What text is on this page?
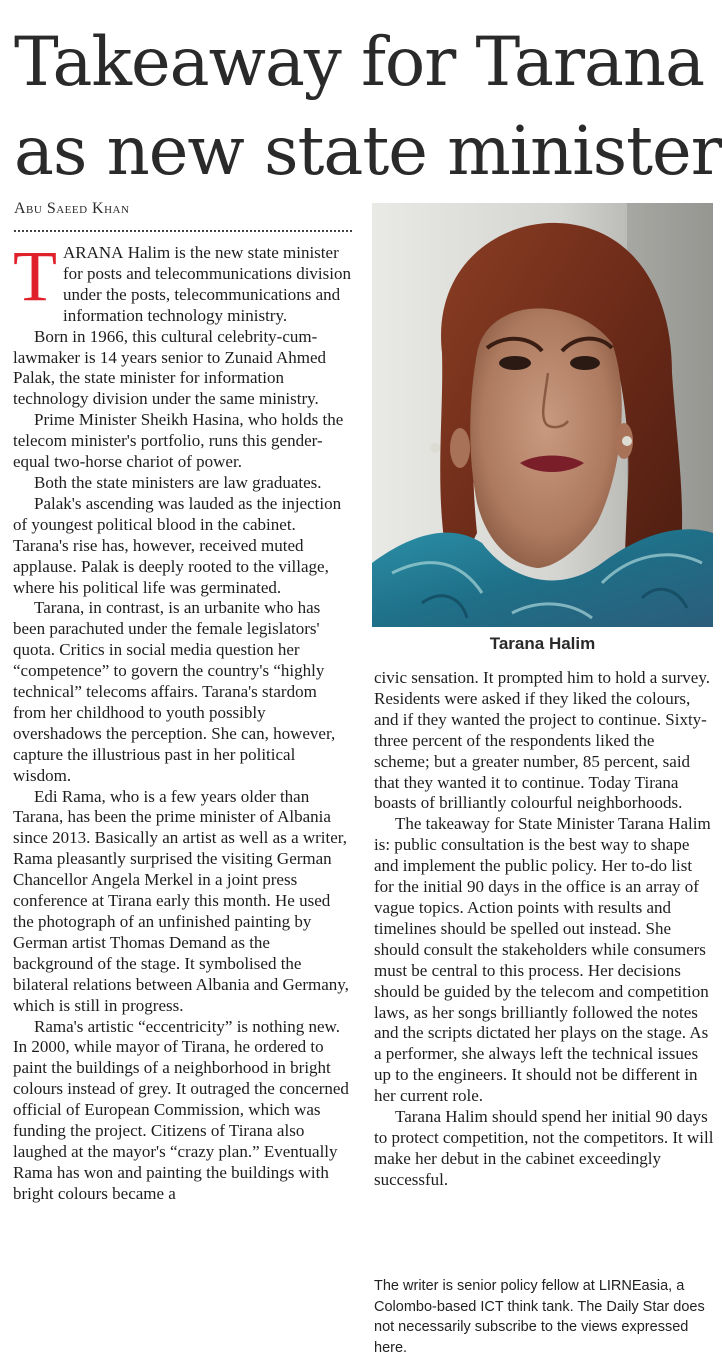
Takeaway for Tarana
as new state minister
Abu Saeed Khan

TARANA Halim is the new state minister for posts and telecommunications division under the posts, telecommunications and information technology ministry.

Born in 1966, this cultural celebrity-cum-lawmaker is 14 years senior to Zunaid Ahmed Palak, the state minister for information technology division under the same ministry.

Prime Minister Sheikh Hasina, who holds the telecom minister's portfolio, runs this gender-equal two-horse chariot of power.

Both the state ministers are law graduates.

Palak's ascending was lauded as the injection of youngest political blood in the cabinet. Tarana's rise has, however, received muted applause. Palak is deeply rooted to the village, where his political life was germinated.

Tarana, in contrast, is an urbanite who has been parachuted under the female legislators' quota. Critics in social media question her “competence” to govern the country's “highly technical” telecoms affairs. Tarana's stardom from her childhood to youth possibly overshadows the perception. She can, however, capture the illustrious past in her political wisdom.

Edi Rama, who is a few years older than Tarana, has been the prime minister of Albania since 2013. Basically an artist as well as a writer, Rama pleasantly surprised the visiting German Chancellor Angela Merkel in a joint press conference at Tirana early this month. He used the photograph of an unfinished painting by German artist Thomas Demand as the background of the stage. It symbolised the bilateral relations between Albania and Germany, which is still in progress.

Rama's artistic “eccentricity” is nothing new. In 2000, while mayor of Tirana, he ordered to paint the buildings of a neighborhood in bright colours instead of grey. It outraged the concerned official of European Commission, which was funding the project. Citizens of Tirana also laughed at the mayor's “crazy plan.” Eventually Rama has won and painting the buildings with bright colours became a

Tarana Halim

civic sensation. It prompted him to hold a survey. Residents were asked if they liked the colours, and if they wanted the project to continue. Sixty-three percent of the respondents liked the scheme; but a greater number, 85 percent, said that they wanted it to continue. Today Tirana boasts of brilliantly colourful neighborhoods.

The takeaway for State Minister Tarana Halim is: public consultation is the best way to shape and implement the public policy. Her to-do list for the initial 90 days in the office is an array of vague topics. Action points with results and timelines should be spelled out instead. She should consult the stakeholders while consumers must be central to this process. Her decisions should be guided by the telecom and competition laws, as her songs brilliantly followed the notes and the scripts dictated her plays on the stage. As a performer, she always left the technical issues up to the engineers. It should not be different in her current role.

Tarana Halim should spend her initial 90 days to protect competition, not the competitors. It will make her debut in the cabinet exceedingly successful.

The writer is senior policy fellow at LIRNEasia, a Colombo-based ICT think tank. The Daily Star does not necessarily subscribe to the views expressed here.
